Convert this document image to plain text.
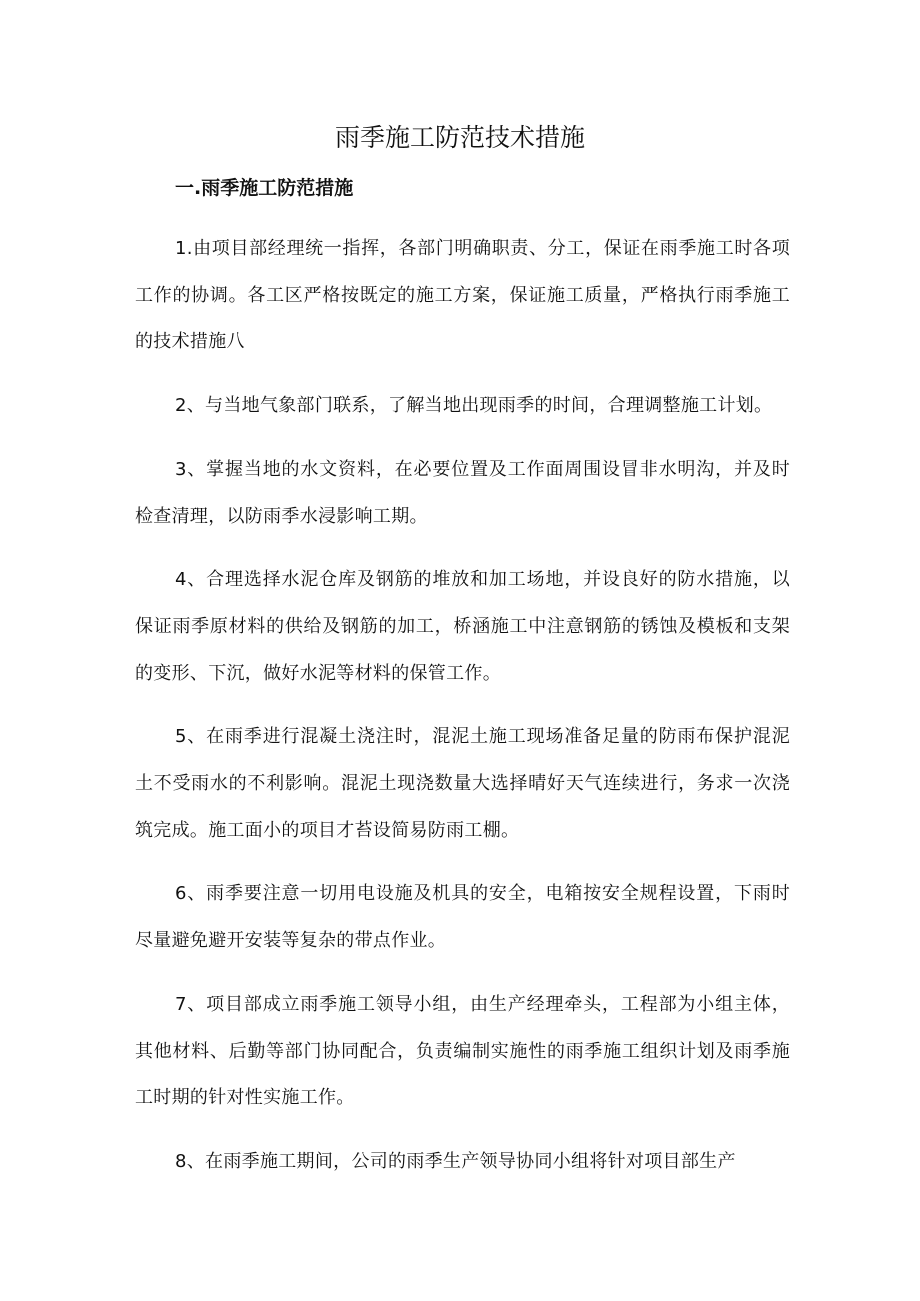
雨季施工防范技术措施

一.雨季施工防范措施

1.由项目部经理统一指挥，各部门明确职责、分工，保证在雨季施工时各项工作的协调。各工区严格按既定的施工方案，保证施工质量，严格执行雨季施工的技术措施八

2、与当地气象部门联系，了解当地出现雨季的时间，合理调整施工计划。

3、掌握当地的水文资料，在必要位置及工作面周围设冒非水明沟，并及时检查清理，以防雨季水浸影响工期。

4、合理选择水泥仓库及钢筋的堆放和加工场地，并设良好的防水措施，以保证雨季原材料的供给及钢筋的加工，桥涵施工中注意钢筋的锈蚀及模板和支架的变形、下沉，做好水泥等材料的保管工作。

5、在雨季进行混凝土浇注时，混泥土施工现场准备足量的防雨布保护混泥土不受雨水的不利影响。混泥土现浇数量大选择晴好天气连续进行，务求一次浇筑完成。施工面小的项目才苔设简易防雨工棚。

6、雨季要注意一切用电设施及机具的安全，电箱按安全规程设置，下雨时尽量避免避开安装等复杂的带点作业。

7、项目部成立雨季施工领导小组，由生产经理牵头，工程部为小组主体，其他材料、后勤等部门协同配合，负责编制实施性的雨季施工组织计划及雨季施工时期的针对性实施工作。

8、在雨季施工期间，公司的雨季生产领导协同小组将针对项目部生产
